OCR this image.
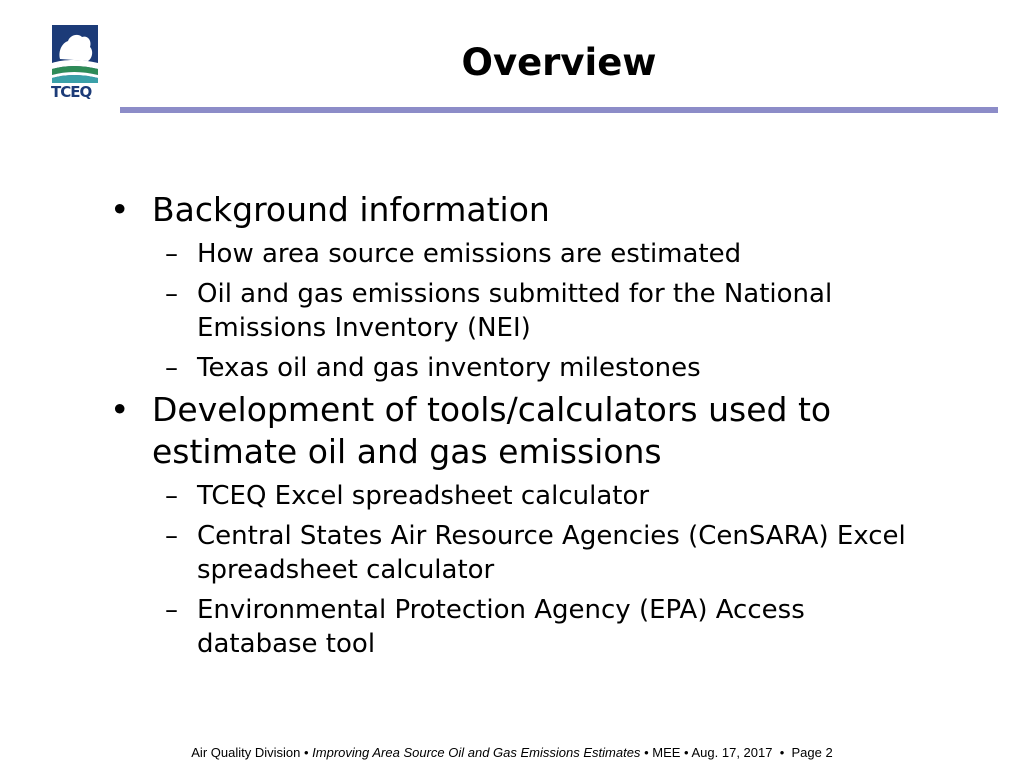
TCEQ
Overview
• Background information
– How area source emissions are estimated
– Oil and gas emissions submitted for the National Emissions Inventory (NEI)
– Texas oil and gas inventory milestones
• Development of tools/calculators used to estimate oil and gas emissions
– TCEQ Excel spreadsheet calculator
– Central States Air Resource Agencies (CenSARA) Excel spreadsheet calculator
– Environmental Protection Agency (EPA) Access database tool
Air Quality Division • Improving Area Source Oil and Gas Emissions Estimates • MEE • Aug. 17, 2017  •  Page 2
